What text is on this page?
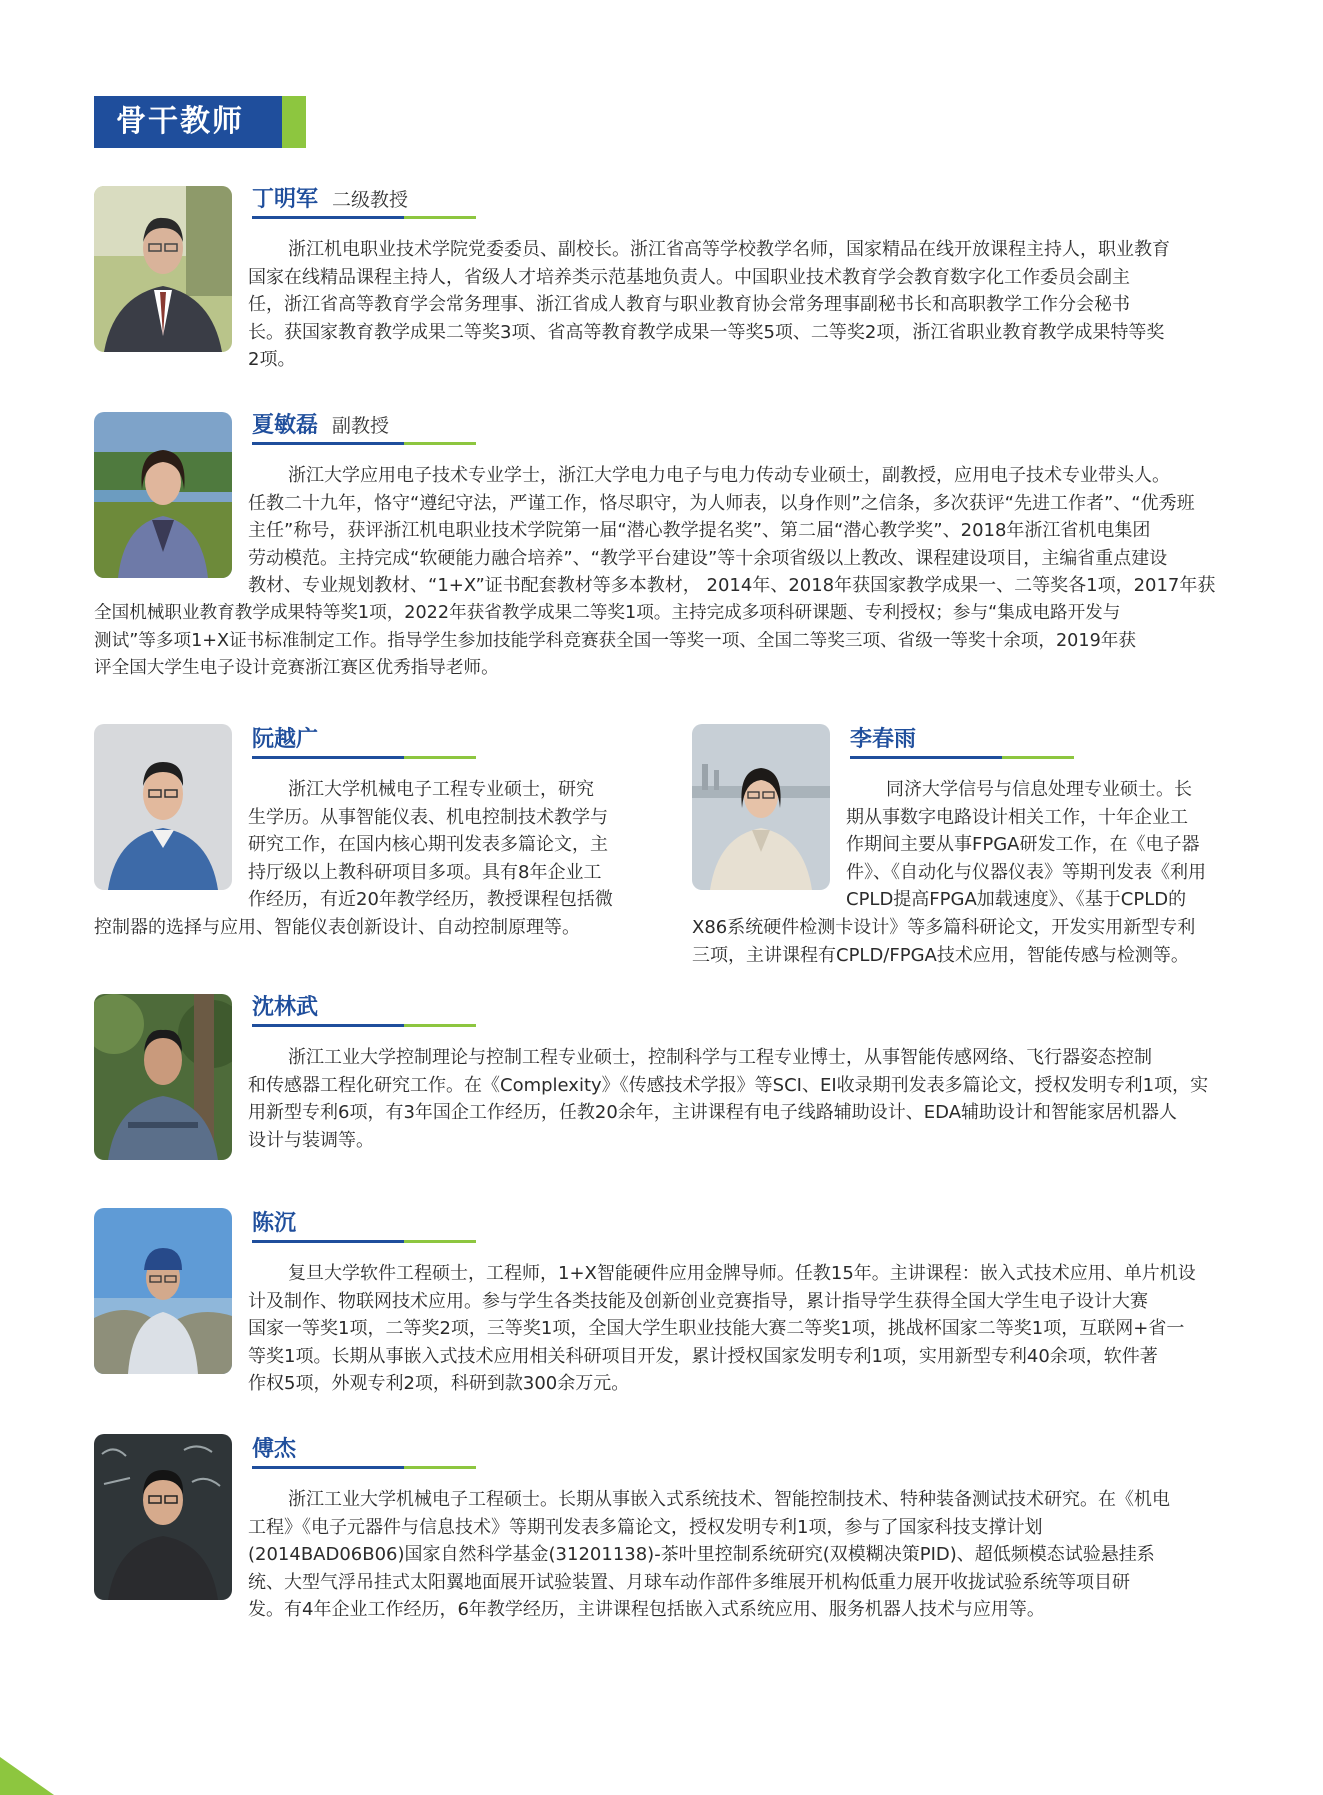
骨干教师
丁明军 二级教授
浙江机电职业技术学院党委委员、副校长。浙江省高等学校教学名师，国家精品在线开放课程主持人，职业教育
国家在线精品课程主持人，省级人才培养类示范基地负责人。中国职业技术教育学会教育数字化工作委员会副主
任，浙江省高等教育学会常务理事、浙江省成人教育与职业教育协会常务理事副秘书长和高职教学工作分会秘书
长。获国家教育教学成果二等奖3项、省高等教育教学成果一等奖5项、二等奖2项，浙江省职业教育教学成果特等奖
2项。
夏敏磊 副教授
浙江大学应用电子技术专业学士，浙江大学电力电子与电力传动专业硕士，副教授，应用电子技术专业带头人。
任教二十九年，恪守“遵纪守法，严谨工作，恪尽职守，为人师表，以身作则”之信条，多次获评“先进工作者”、“优秀班
主任”称号，获评浙江机电职业技术学院第一届“潜心教学提名奖”、第二届“潜心教学奖”、2018年浙江省机电集团
劳动模范。主持完成“软硬能力融合培养”、“教学平台建设”等十余项省级以上教改、课程建设项目，主编省重点建设
教材、专业规划教材、“1+X”证书配套教材等多本教材， 2014年、2018年获国家教学成果一、二等奖各1项，2017年获
全国机械职业教育教学成果特等奖1项，2022年获省教学成果二等奖1项。主持完成多项科研课题、专利授权；参与“集成电路开发与
测试”等多项1+X证书标准制定工作。指导学生参加技能学科竞赛获全国一等奖一项、全国二等奖三项、省级一等奖十余项，2019年获
评全国大学生电子设计竞赛浙江赛区优秀指导老师。
阮越广
浙江大学机械电子工程专业硕士，研究
生学历。从事智能仪表、机电控制技术教学与
研究工作，在国内核心期刊发表多篇论文，主
持厅级以上教科研项目多项。具有8年企业工
作经历，有近20年教学经历，教授课程包括微
控制器的选择与应用、智能仪表创新设计、自动控制原理等。
李春雨
同济大学信号与信息处理专业硕士。长
期从事数字电路设计相关工作，十年企业工
作期间主要从事FPGA研发工作，在《电子器
件》、《自动化与仪器仪表》等期刊发表《利用
CPLD提高FPGA加载速度》、《基于CPLD的
X86系统硬件检测卡设计》等多篇科研论文，开发实用新型专利
三项，主讲课程有CPLD/FPGA技术应用，智能传感与检测等。
沈林武
浙江工业大学控制理论与控制工程专业硕士，控制科学与工程专业博士，从事智能传感网络、飞行器姿态控制
和传感器工程化研究工作。在《Complexity》《传感技术学报》等SCI、EI收录期刊发表多篇论文，授权发明专利1项，实
用新型专利6项，有3年国企工作经历，任教20余年，主讲课程有电子线路辅助设计、EDA辅助设计和智能家居机器人
设计与装调等。
陈沉
复旦大学软件工程硕士，工程师，1+X智能硬件应用金牌导师。任教15年。主讲课程：嵌入式技术应用、单片机设
计及制作、物联网技术应用。参与学生各类技能及创新创业竞赛指导，累计指导学生获得全国大学生电子设计大赛
国家一等奖1项，二等奖2项，三等奖1项，全国大学生职业技能大赛二等奖1项，挑战杯国家二等奖1项，互联网+省一
等奖1项。长期从事嵌入式技术应用相关科研项目开发，累计授权国家发明专利1项，实用新型专利40余项，软件著
作权5项，外观专利2项，科研到款300余万元。
傅杰
浙江工业大学机械电子工程硕士。长期从事嵌入式系统技术、智能控制技术、特种装备测试技术研究。在《机电
工程》《电子元器件与信息技术》等期刊发表多篇论文，授权发明专利1项，参与了国家科技支撑计划
(2014BAD06B06)国家自然科学基金(31201138)-茶叶里控制系统研究(双模糊决策PID)、超低频模态试验悬挂系
统、大型气浮吊挂式太阳翼地面展开试验装置、月球车动作部件多维展开机构低重力展开收拢试验系统等项目研
发。有4年企业工作经历，6年教学经历，主讲课程包括嵌入式系统应用、服务机器人技术与应用等。
